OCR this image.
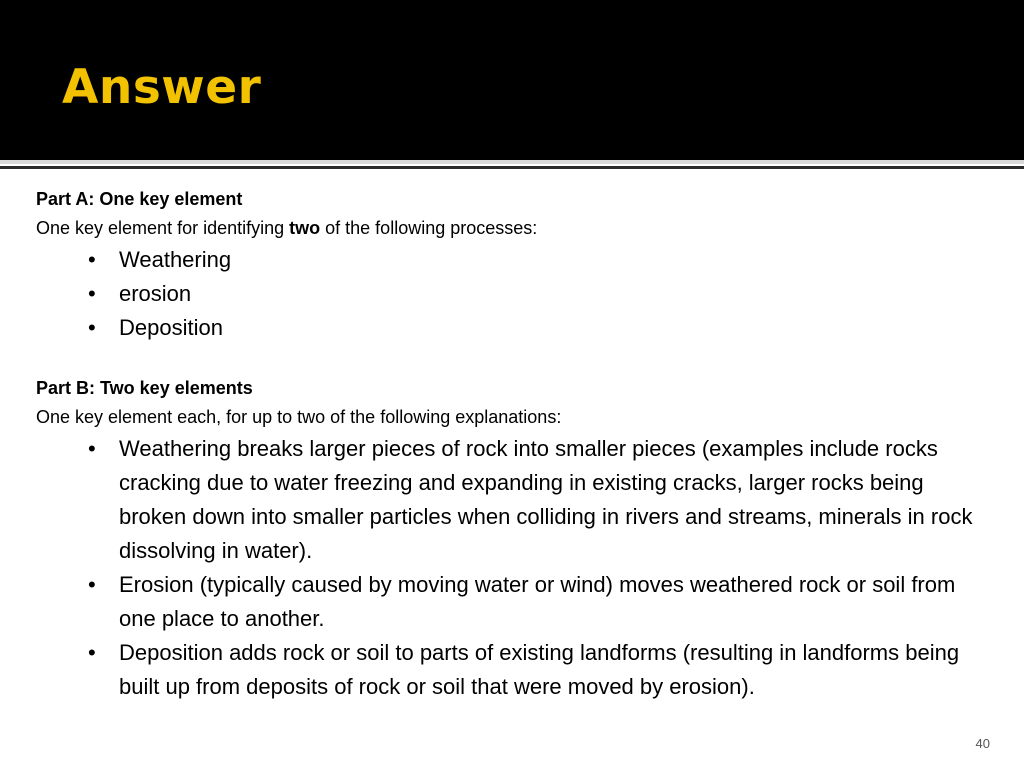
Answer

Part A: One key element

One key element for identifying two of the following processes:

• Weathering
• erosion
• Deposition

Part B: Two key elements

One key element each, for up to two of the following explanations:

• Weathering breaks larger pieces of rock into smaller pieces (examples include rocks cracking due to water freezing and expanding in existing cracks, larger rocks being broken down into smaller particles when colliding in rivers and streams, minerals in rock dissolving in water).
• Erosion (typically caused by moving water or wind) moves weathered rock or soil from one place to another.
• Deposition adds rock or soil to parts of existing landforms (resulting in landforms being built up from deposits of rock or soil that were moved by erosion).
40
